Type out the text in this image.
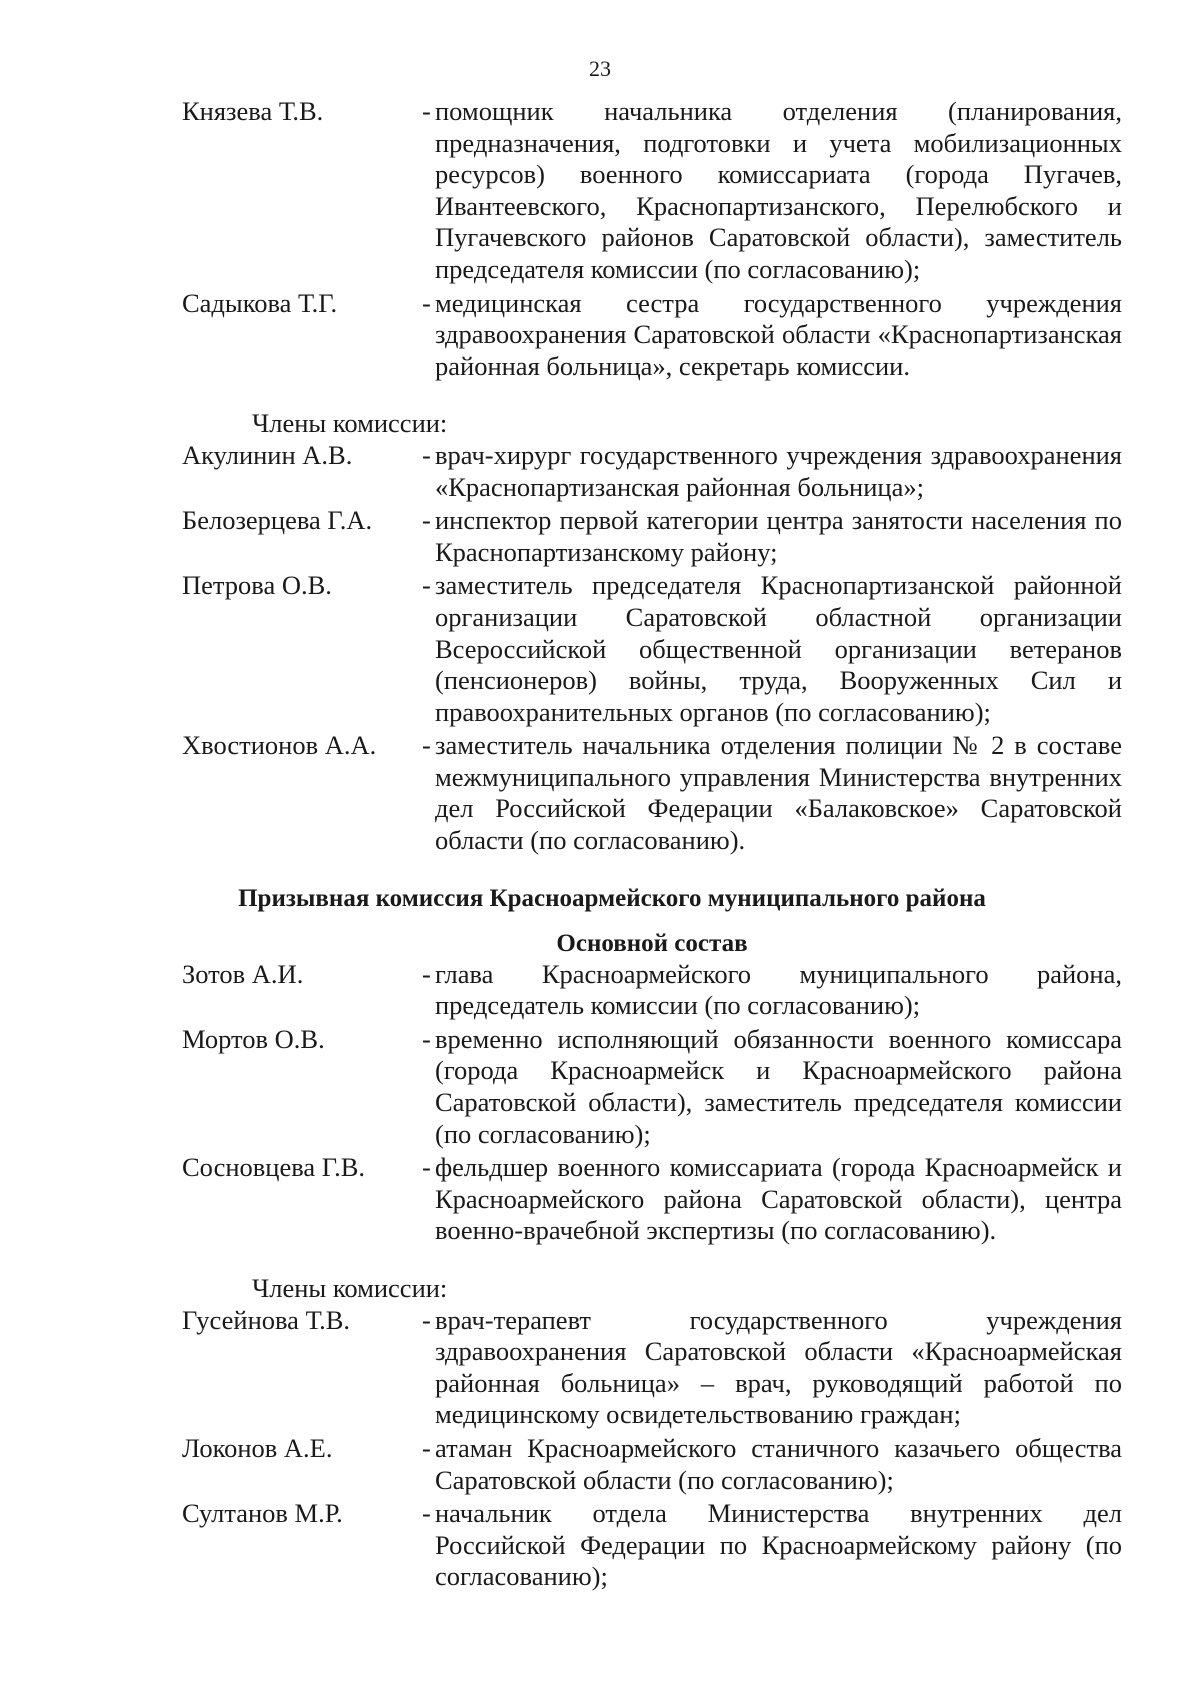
23
Князева Т.В.	- помощник начальника отделения (планирования, предназначения, подготовки и учета мобилизационных ресурсов) военного комиссариата (города Пугачев, Ивантеевского, Краснопартизанского, Перелюбского и Пугачевского районов Саратовской области), заместитель председателя комиссии (по согласованию);
Садыкова Т.Г.	- медицинская сестра государственного учреждения здравоохранения Саратовской области «Краснопартизанская районная больница», секретарь комиссии.
Члены комиссии:
Акулинин А.В.	- врач-хирург государственного учреждения здравоохранения «Краснопартизанская районная больница»;
Белозерцева Г.А.	- инспектор первой категории центра занятости населения по Краснопартизанскому району;
Петрова О.В.	- заместитель председателя Краснопартизанской районной организации Саратовской областной организации Всероссийской общественной организации ветеранов (пенсионеров) войны, труда, Вооруженных Сил и правоохранительных органов (по согласованию);
Хвостионов А.А.	- заместитель начальника отделения полиции № 2 в составе межмуниципального управления Министерства внутренних дел Российской Федерации «Балаковское» Саратовской области (по согласованию).
Призывная комиссия Красноармейского муниципального района
Основной состав
Зотов А.И.	- глава Красноармейского муниципального района, председатель комиссии (по согласованию);
Мортов О.В.	- временно исполняющий обязанности военного комиссара (города Красноармейск и Красноармейского района Саратовской области), заместитель председателя комиссии (по согласованию);
Сосновцева Г.В.	- фельдшер военного комиссариата (города Красноармейск и Красноармейского района Саратовской области), центра военно-врачебной экспертизы (по согласованию).
Члены комиссии:
Гусейнова Т.В.	- врач-терапевт государственного учреждения здравоохранения Саратовской области «Красноармейская районная больница» – врач, руководящий работой по медицинскому освидетельствованию граждан;
Локонов А.Е.	- атаман Красноармейского станичного казачьего общества Саратовской области (по согласованию);
Султанов М.Р.	- начальник отдела Министерства внутренних дел Российской Федерации по Красноармейскому району (по согласованию);
